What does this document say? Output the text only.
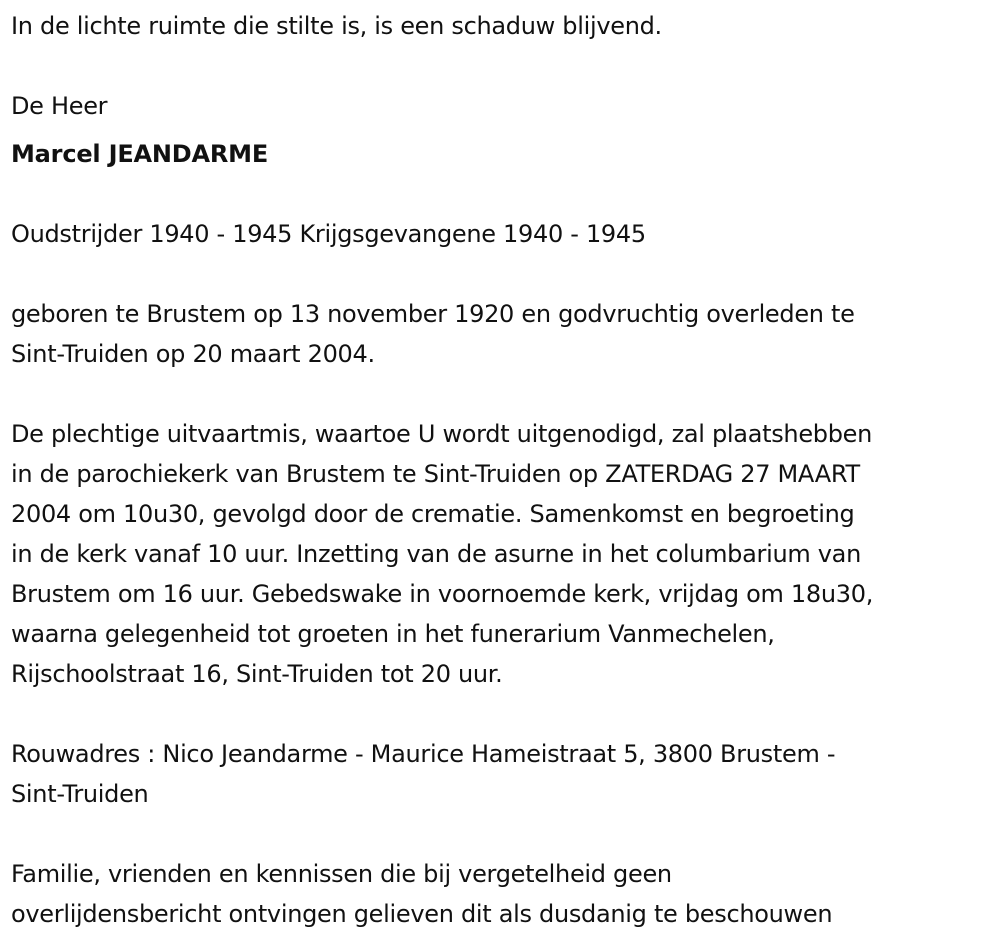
In de lichte ruimte die stilte is, is een schaduw blijvend.
De Heer
Marcel JEANDARME
Oudstrijder 1940 - 1945 Krijgsgevangene 1940 - 1945
geboren te Brustem op 13 november 1920 en godvruchtig overleden te
Sint-Truiden op 20 maart 2004.
De plechtige uitvaartmis, waartoe U wordt uitgenodigd, zal plaatshebben
in de parochiekerk van Brustem te Sint-Truiden op ZATERDAG 27 MAART
2004 om 10u30, gevolgd door de crematie. Samenkomst en begroeting
in de kerk vanaf 10 uur. Inzetting van de asurne in het columbarium van
Brustem om 16 uur. Gebedswake in voornoemde kerk, vrijdag om 18u30,
waarna gelegenheid tot groeten in het funerarium Vanmechelen,
Rijschoolstraat 16, Sint-Truiden tot 20 uur.
Rouwadres : Nico Jeandarme - Maurice Hameistraat 5, 3800 Brustem -
Sint-Truiden
Familie, vrienden en kennissen die bij vergetelheid geen
overlijdensbericht ontvingen gelieven dit als dusdanig te beschouwen
